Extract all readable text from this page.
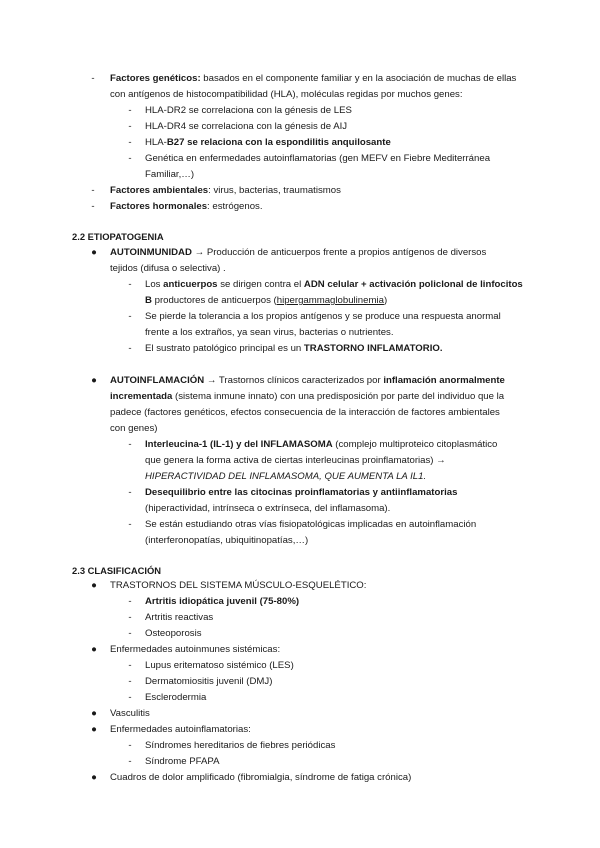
-	Factores genéticos: basados en el componente familiar y en la asociación de muchas de ellas
con antígenos de histocompatibilidad (HLA), moléculas regidas por muchos genes:
-	HLA-DR2 se correlaciona con la génesis de LES
-	HLA-DR4 se correlaciona con la génesis de AIJ
-	HLA-B27 se relaciona con la espondilitis anquilosante
-	Genética en enfermedades autoinflamatorias (gen MEFV en Fiebre Mediterránea
Familiar,…)
-	Factores ambientales: virus, bacterias, traumatismos
-	Factores hormonales: estrógenos.
2.2 ETIOPATOGENIA
● AUTOINMUNIDAD → Producción de anticuerpos frente a propios antígenos de diversos
tejidos (difusa o selectiva) .
-	Los anticuerpos se dirigen contra el ADN celular + activación policlonal de linfocitos
B productores de anticuerpos (hipergammaglobulinemia)
-	Se pierde la tolerancia a los propios antígenos y se produce una respuesta anormal
frente a los extraños, ya sean virus, bacterias o nutrientes.
-	El sustrato patológico principal es un TRASTORNO INFLAMATORIO.
● AUTOINFLAMACIÓN → Trastornos clínicos caracterizados por inflamación anormalmente
incrementada (sistema inmune innato) con una predisposición por parte del individuo que la
padece (factores genéticos, efectos consecuencia de la interacción de factores ambientales
con genes)
-	Interleucina-1 (IL-1) y del INFLAMASOMA (complejo multiproteico citoplasmático
que genera la forma activa de ciertas interleucinas proinflamatorias) →
HIPERACTIVIDAD DEL INFLAMASOMA, QUE AUMENTA LA IL1.
-	Desequilibrio entre las citocinas proinflamatorias y antiinflamatorias
(hiperactividad, intrínseca o extrínseca, del inflamasoma).
-	Se están estudiando otras vías fisiopatológicas implicadas en autoinflamación
(interferonopatías, ubiquitinopatías,…)
2.3 CLASIFICACIÓN
● TRASTORNOS DEL SISTEMA MÚSCULO-ESQUELÉTICO:
-	Artritis idiopática juvenil (75-80%)
-	Artritis reactivas
-	Osteoporosis
● Enfermedades autoinmunes sistémicas:
-	Lupus eritematoso sistémico (LES)
-	Dermatomiositis juvenil (DMJ)
-	Esclerodermia
● Vasculitis
● Enfermedades autoinflamatorias:
-	Síndromes hereditarios de fiebres periódicas
-	Síndrome PFAPA
● Cuadros de dolor amplificado (fibromialgia, síndrome de fatiga crónica)
